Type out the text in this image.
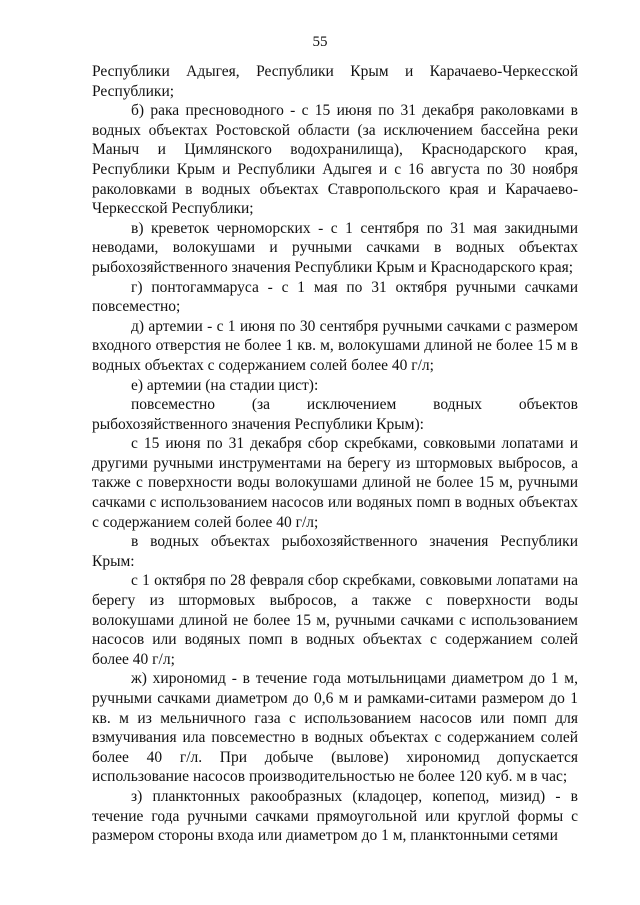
55

Республики Адыгея, Республики Крым и Карачаево-Черкесской Республики;

б) рака пресноводного - с 15 июня по 31 декабря раколовками в водных объектах Ростовской области (за исключением бассейна реки Маныч и Цимлянского водохранилища), Краснодарского края, Республики Крым и Республики Адыгея и с 16 августа по 30 ноября раколовками в водных объектах Ставропольского края и Карачаево-Черкесской Республики;

в) креветок черноморских - с 1 сентября по 31 мая закидными неводами, волокушами и ручными сачками в водных объектах рыбохозяйственного значения Республики Крым и Краснодарского края;

г) понтогаммаруса - с 1 мая по 31 октября ручными сачками повсеместно;

д) артемии - с 1 июня по 30 сентября ручными сачками с размером входного отверстия не более 1 кв. м, волокушами длиной не более 15 м в водных объектах с содержанием солей более 40 г/л;

е) артемии (на стадии цист):

повсеместно (за исключением водных объектов рыбохозяйственного значения Республики Крым):

с 15 июня по 31 декабря сбор скребками, совковыми лопатами и другими ручными инструментами на берегу из штормовых выбросов, а также с поверхности воды волокушами длиной не более 15 м, ручными сачками с использованием насосов или водяных помп в водных объектах с содержанием солей более 40 г/л;

в водных объектах рыбохозяйственного значения Республики Крым:

с 1 октября по 28 февраля сбор скребками, совковыми лопатами на берегу из штормовых выбросов, а также с поверхности воды волокушами длиной не более 15 м, ручными сачками с использованием насосов или водяных помп в водных объектах с содержанием солей более 40 г/л;

ж) хирономид - в течение года мотыльницами диаметром до 1 м, ручными сачками диаметром до 0,6 м и рамками-ситами размером до 1 кв. м из мельничного газа с использованием насосов или помп для взмучивания ила повсеместно в водных объектах с содержанием солей более 40 г/л. При добыче (вылове) хирономид допускается использование насосов производительностью не более 120 куб. м в час;

з) планктонных ракообразных (кладоцер, копепод, мизид) - в течение года ручными сачками прямоугольной или круглой формы с размером стороны входа или диаметром до 1 м, планктонными сетями
